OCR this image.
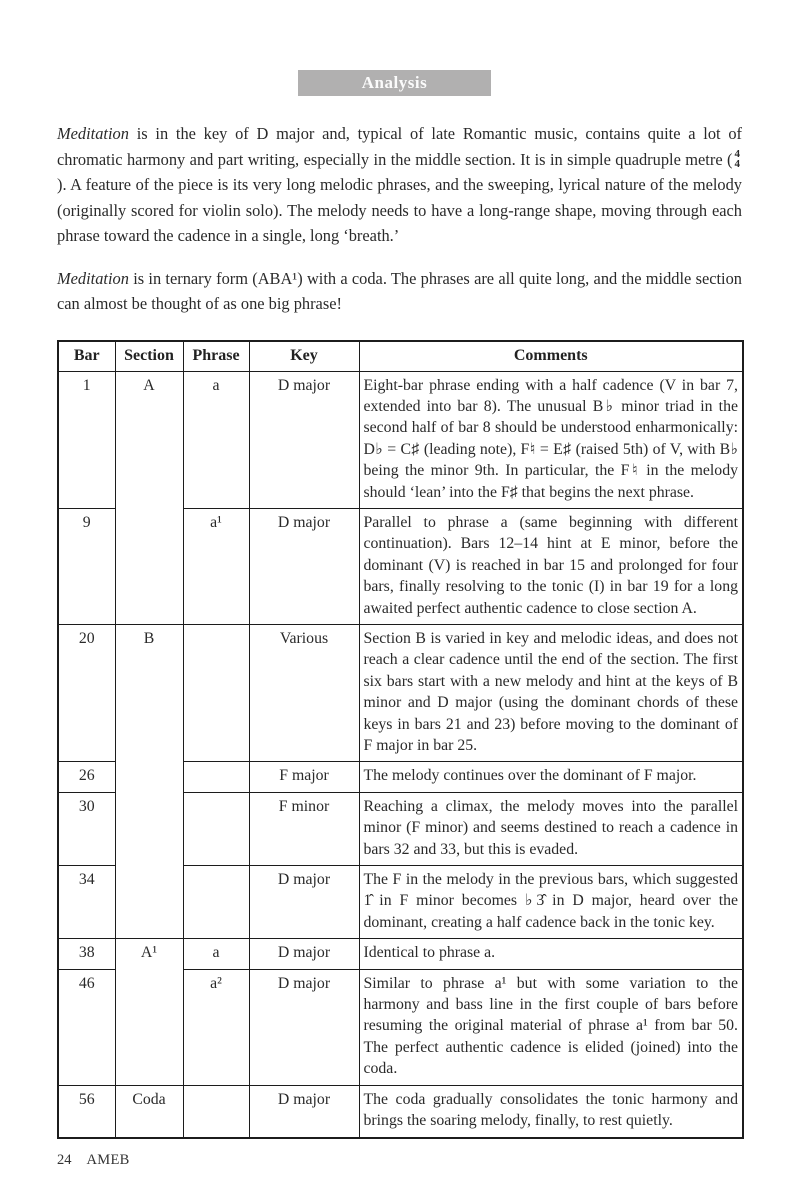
Analysis

Meditation is in the key of D major and, typical of late Romantic music, contains quite a lot of chromatic harmony and part writing, especially in the middle section. It is in simple quadruple metre ( 4
4
). A feature of the piece is its very long melodic phrases, and the sweeping, lyrical nature of the melody (originally scored for violin solo). The melody needs to have a long-range shape, moving through each phrase toward the cadence in a single, long ‘breath.’

Meditation is in ternary form (ABA¹) with a coda. The phrases are all quite long, and the middle section can almost be thought of as one big phrase!

Bar	Section	Phrase	Key	Comments
1	A	a	D major	Eight-bar phrase ending with a half cadence (V in bar 7, extended into bar 8). The unusual B♭ minor triad in the second half of bar 8 should be understood enharmonically: D♭ = C♯ (leading note), F♮ = E♯ (raised 5th) of V, with B♭ being the minor 9th. In particular, the F♮ in the melody should ‘lean’ into the F♯ that begins the next phrase.
9		a¹	D major	Parallel to phrase a (same beginning with different continuation). Bars 12–14 hint at E minor, before the dominant (V) is reached in bar 15 and prolonged for four bars, finally resolving to the tonic (I) in bar 19 for a long awaited perfect authentic cadence to close section A.
20	B		Various	Section B is varied in key and melodic ideas, and does not reach a clear cadence until the end of the section. The first six bars start with a new melody and hint at the keys of B minor and D major (using the dominant chords of these keys in bars 21 and 23) before moving to the dominant of F major in bar 25.
26			F major	The melody continues over the dominant of F major.
30			F minor	Reaching a climax, the melody moves into the parallel minor (F minor) and seems destined to reach a cadence in bars 32 and 33, but this is evaded.
34			D major	The F in the melody in the previous bars, which suggested 1̂ in F minor becomes ♭3̂ in D major, heard over the dominant, creating a half cadence back in the tonic key.
38	A¹	a	D major	Identical to phrase a.
46		a²	D major	Similar to phrase a¹ but with some variation to the harmony and bass line in the first couple of bars before resuming the original material of phrase a¹ from bar 50. The perfect authentic cadence is elided (joined) into the coda.
56	Coda		D major	The coda gradually consolidates the tonic harmony and brings the soaring melody, finally, to rest quietly.
24 AMEB
